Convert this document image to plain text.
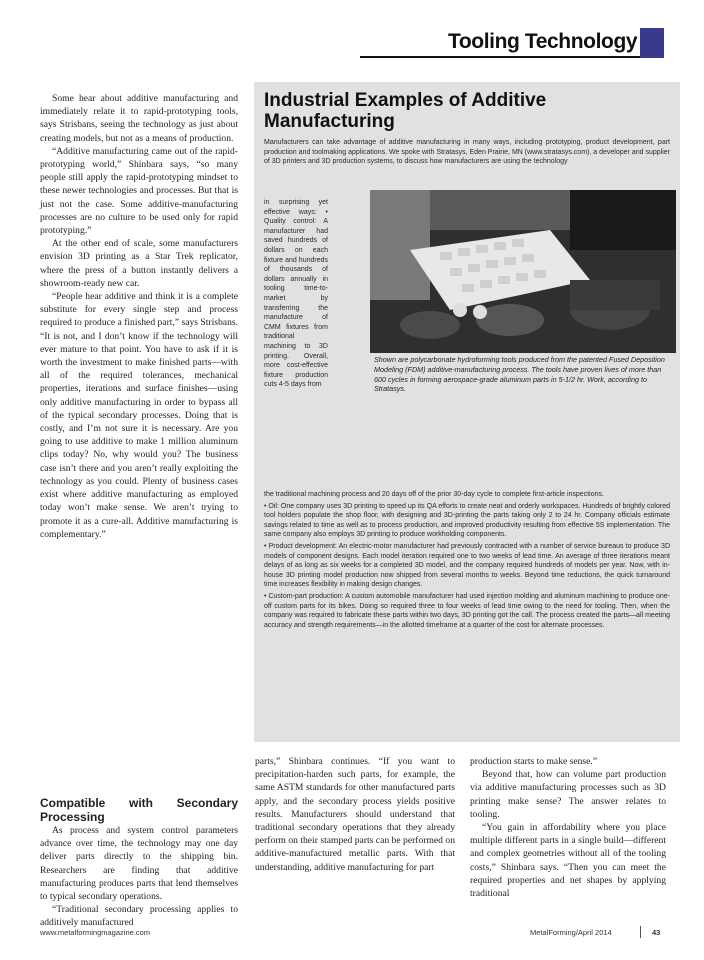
Tooling Technology

Some hear about additive manufacturing and immediately relate it to rapid-prototyping tools, says Strisbans, seeing the technology as just about creating models, but not as a means of production.

“Additive manufacturing came out of the rapid-prototyping world,” Shinbara says, “so many people still apply the rapid-prototyping mindset to these newer technologies and processes. But that is just not the case. Some additive-manufacturing processes are no culture to be used only for rapid prototyping.”

At the other end of scale, some manufacturers envision 3D printing as a Star Trek replicator, where the press of a button instantly delivers a showroom-ready new car.

“People hear additive and think it is a complete substitute for every single step and process required to produce a finished part,” says Strisbans. “It is not, and I don’t know if the technology will ever mature to that point. You have to ask if it is worth the investment to make finished parts—with all of the required tolerances, mechanical properties, iterations and surface finishes—using only additive manufacturing in order to bypass all of the typical secondary processes. Doing that is costly, and I’m not sure it is necessary. Are you going to use additive to make 1 million aluminum clips today? No, why would you? The business case isn’t there and you aren’t really exploiting the technology as you could. Plenty of business cases exist where additive manufacturing as employed today won’t make sense. We aren’t trying to promote it as a cure-all. Additive manufacturing is complementary.”

Compatible with Secondary Processing

As process and system control parameters advance over time, the technology may one day deliver parts directly to the shipping bin. Researchers are finding that additive manufacturing produces parts that lend themselves to typical secondary operations.

“Traditional secondary processing applies to additively manufactured

Industrial Examples of Additive Manufacturing

Manufacturers can take advantage of additive manufacturing in many ways, including prototyping, product development, part production and toolmaking applications. We spoke with Stratasys, Eden Prairie, MN (www.stratasys.com), a developer and supplier of 3D printers and 3D production systems, to discuss how manufacturers are using the technology

in surprising yet effective ways: • Quality control: A manufacturer had saved hundreds of dollars on each fixture and hundreds of thousands of dollars annually in tooling time-to-market by transferring the manufacture of CMM fixtures from traditional machining to 3D printing. Overall, more cost-effective fixture production cuts 4-5 days from

the traditional machining process and 20 days off of the prior 30-day cycle to complete first-article inspections.

• Oil: One company uses 3D printing to speed up its QA efforts to create neat and orderly workspaces. Hundreds of brightly colored tool holders populate the shop floor, with designing and 3D-printing the parts taking only 2 to 24 hr. Company officials estimate savings related to time as well as to process production, and improved productivity resulting from effective 5S implementation. The same company also employs 3D printing to produce workholding components.

• Product development: An electric-motor manufacturer had previously contracted with a number of service bureaus to produce 3D models of component designs. Each model iteration required one to two weeks of lead time. An average of three iterations meant delays of as long as six weeks for a completed 3D model, and the company required hundreds of models per year. Now, with in-house 3D printing model production now shipped from several months to weeks. Beyond time reductions, the quick turnaround time increases flexibility in making design changes.

• Custom-part production: A custom automobile manufacturer had used injection molding and aluminum machining to produce one-off custom parts for its bikes. Doing so required three to four weeks of lead time owing to the need for tooling. Then, when the company was required to fabricate these parts within two days, 3D printing got the call. The process created the parts—all meeting accuracy and strength requirements—in the allotted timeframe at a quarter of the cost for alternate processes.

Shown are polycarbonate hydroforming tools produced from the patented Fused Deposition Modeling (FDM) additive-manufacturing process. The tools have proven lives of more than 600 cycles in forming aerospace-grade aluminum parts in 5-1/2 hr. Work, according to Stratasys.

parts,” Shinbara continues. “If you want to precipitation-harden such parts, for example, the same ASTM standards for other manufactured parts apply, and the secondary process yields positive results. Manufacturers should understand that traditional secondary operations that they already perform on their stamped parts can be performed on additive-manufactured metallic parts. With that understanding, additive manufacturing for part

production starts to make sense.”

Beyond that, how can volume part production via additive manufacturing processes such as 3D printing make sense? The answer relates to tooling.

“You gain in affordability where you place multiple different parts in a single build—different and complex geometries without all of the tooling costs,” Shinbara says. “Then you can meet the required properties and net shapes by applying traditional

www.metalformingmagazine.com	MetalForming/April 2014	43
